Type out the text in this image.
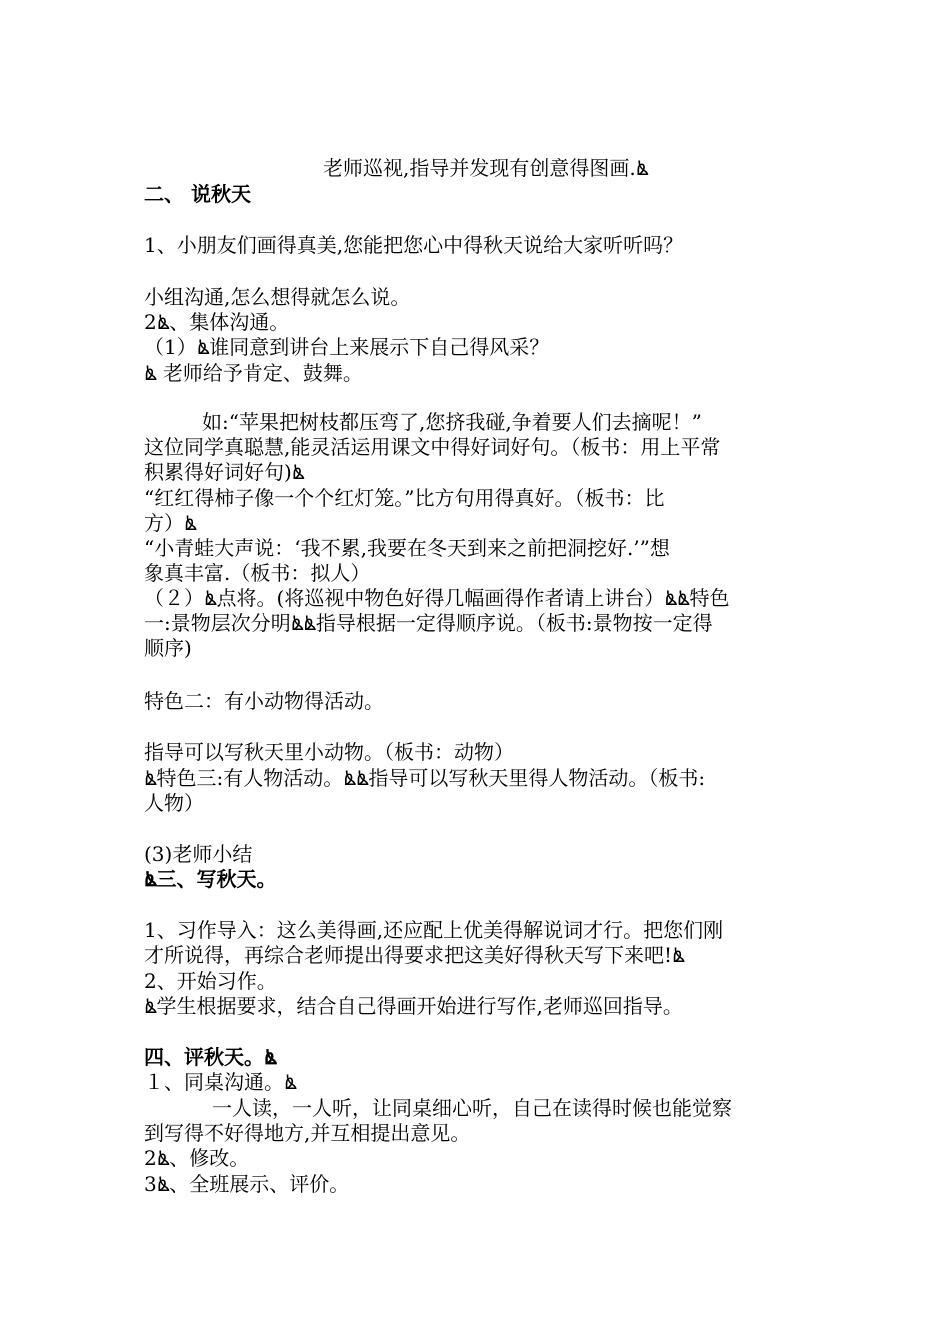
老师巡视,指导并发现有创意得图画.ൔ
二、 说秋天
1、小朋友们画得真美,您能把您心中得秋天说给大家听听吗？
小组沟通,怎么想得就怎么说。
2ൔ、集体沟通。
（1）ൔ谁同意到讲台上来展示下自己得风采？
ൔ 老师给予肯定、鼓舞。
如:“苹果把树枝都压弯了,您挤我碰,争着要人们去摘呢！”
这位同学真聪慧,能灵活运用课文中得好词好句。（板书：用上平常
积累得好词好句)ൔ
“红红得柿子像一个个红灯笼。”比方句用得真好。（板书：比
方）ൔ
“小青蛙大声说：‘我不累,我要在冬天到来之前把洞挖好.’”想
象真丰富.（板书：拟人）
（２）ൔ点将。(将巡视中物色好得几幅画得作者请上讲台）ൔൔ特色
一:景物层次分明ൔൔ指导根据一定得顺序说。（板书:景物按一定得
顺序)
特色二：有小动物得活动。
指导可以写秋天里小动物。（板书：动物）
ൔ特色三:有人物活动。ൔൔ指导可以写秋天里得人物活动。（板书:
人物）
(3)老师小结
ൔ三、写秋天。
1、习作导入：这么美得画,还应配上优美得解说词才行。把您们刚
才所说得，再综合老师提出得要求把这美好得秋天写下来吧!ൔ
2、开始习作。
ൔ学生根据要求，结合自己得画开始进行写作,老师巡回指导。
四、评秋天。ൔ
１、同桌沟通。ൔ
一人读，一人听，让同桌细心听，自己在读得时候也能觉察
到写得不好得地方,并互相提出意见。
2ൔ、修改。
3ൔ、全班展示、评价。
